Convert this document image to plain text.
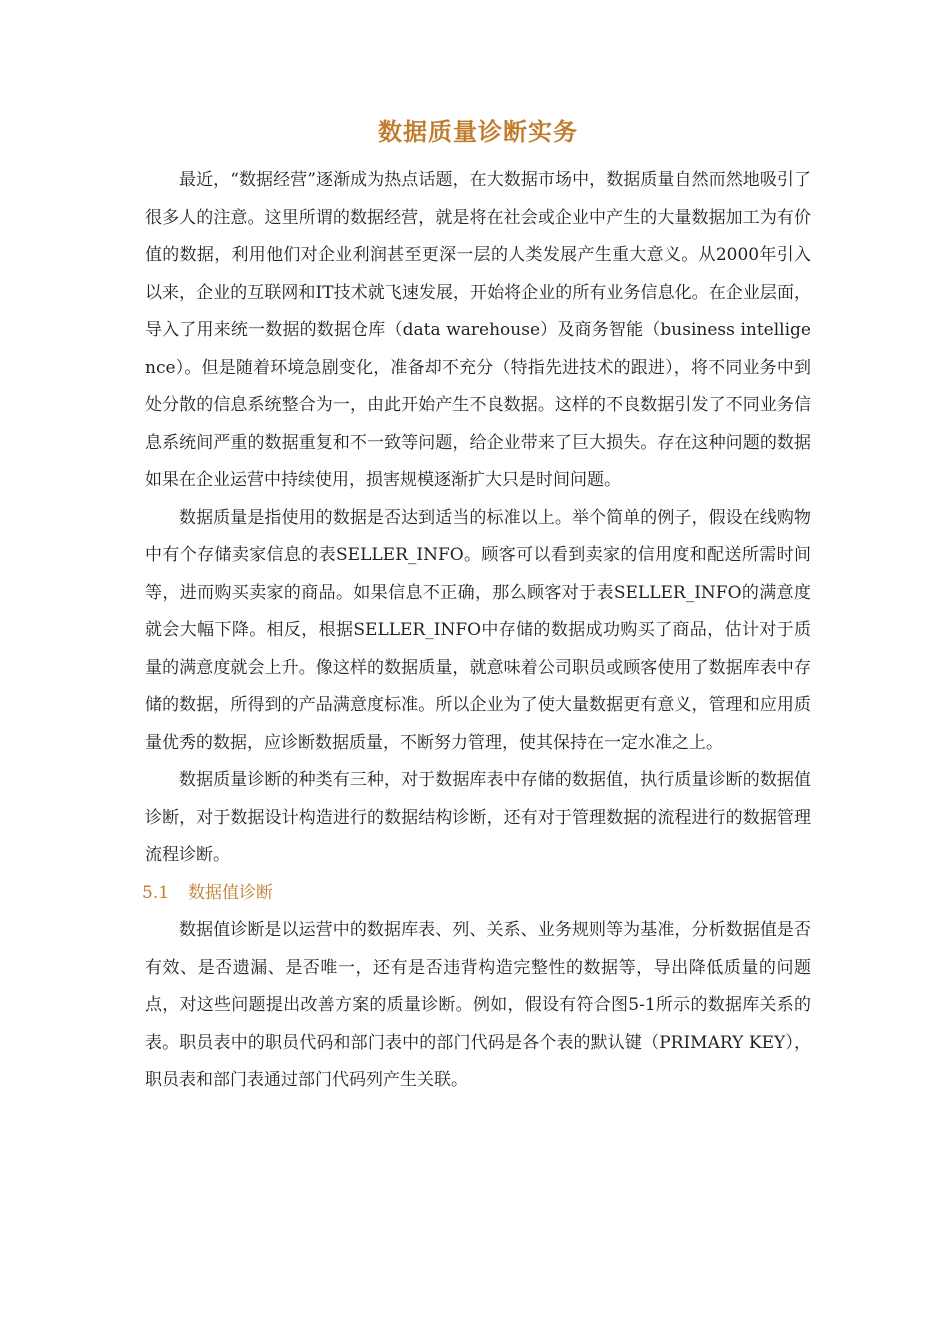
数据质量诊断实务

最近，“数据经营”逐渐成为热点话题，在大数据市场中，数据质量自然而然地吸引了很多人的注意。这里所谓的数据经营，就是将在社会或企业中产生的大量数据加工为有价值的数据，利用他们对企业利润甚至更深一层的人类发展产生重大意义。从2000年引入以来，企业的互联网和IT技术就飞速发展，开始将企业的所有业务信息化。在企业层面，导入了用来统一数据的数据仓库（data warehouse）及商务智能（business intelligence）。但是随着环境急剧变化，准备却不充分（特指先进技术的跟进），将不同业务中到处分散的信息系统整合为一，由此开始产生不良数据。这样的不良数据引发了不同业务信息系统间严重的数据重复和不一致等问题，给企业带来了巨大损失。存在这种问题的数据如果在企业运营中持续使用，损害规模逐渐扩大只是时间问题。

数据质量是指使用的数据是否达到适当的标准以上。举个简单的例子，假设在线购物中有个存储卖家信息的表SELLER_INFO。顾客可以看到卖家的信用度和配送所需时间等，进而购买卖家的商品。如果信息不正确，那么顾客对于表SELLER_INFO的满意度就会大幅下降。相反，根据SELLER_INFO中存储的数据成功购买了商品，估计对于质量的满意度就会上升。像这样的数据质量，就意味着公司职员或顾客使用了数据库表中存储的数据，所得到的产品满意度标准。所以企业为了使大量数据更有意义，管理和应用质量优秀的数据，应诊断数据质量，不断努力管理，使其保持在一定水准之上。

数据质量诊断的种类有三种，对于数据库表中存储的数据值，执行质量诊断的数据值诊断，对于数据设计构造进行的数据结构诊断，还有对于管理数据的流程进行的数据管理流程诊断。

5.1 数据值诊断

数据值诊断是以运营中的数据库表、列、关系、业务规则等为基准，分析数据值是否有效、是否遗漏、是否唯一，还有是否违背构造完整性的数据等，导出降低质量的问题点，对这些问题提出改善方案的质量诊断。例如，假设有符合图5-1所示的数据库关系的表。职员表中的职员代码和部门表中的部门代码是各个表的默认键（PRIMARY KEY），职员表和部门表通过部门代码列产生关联。
